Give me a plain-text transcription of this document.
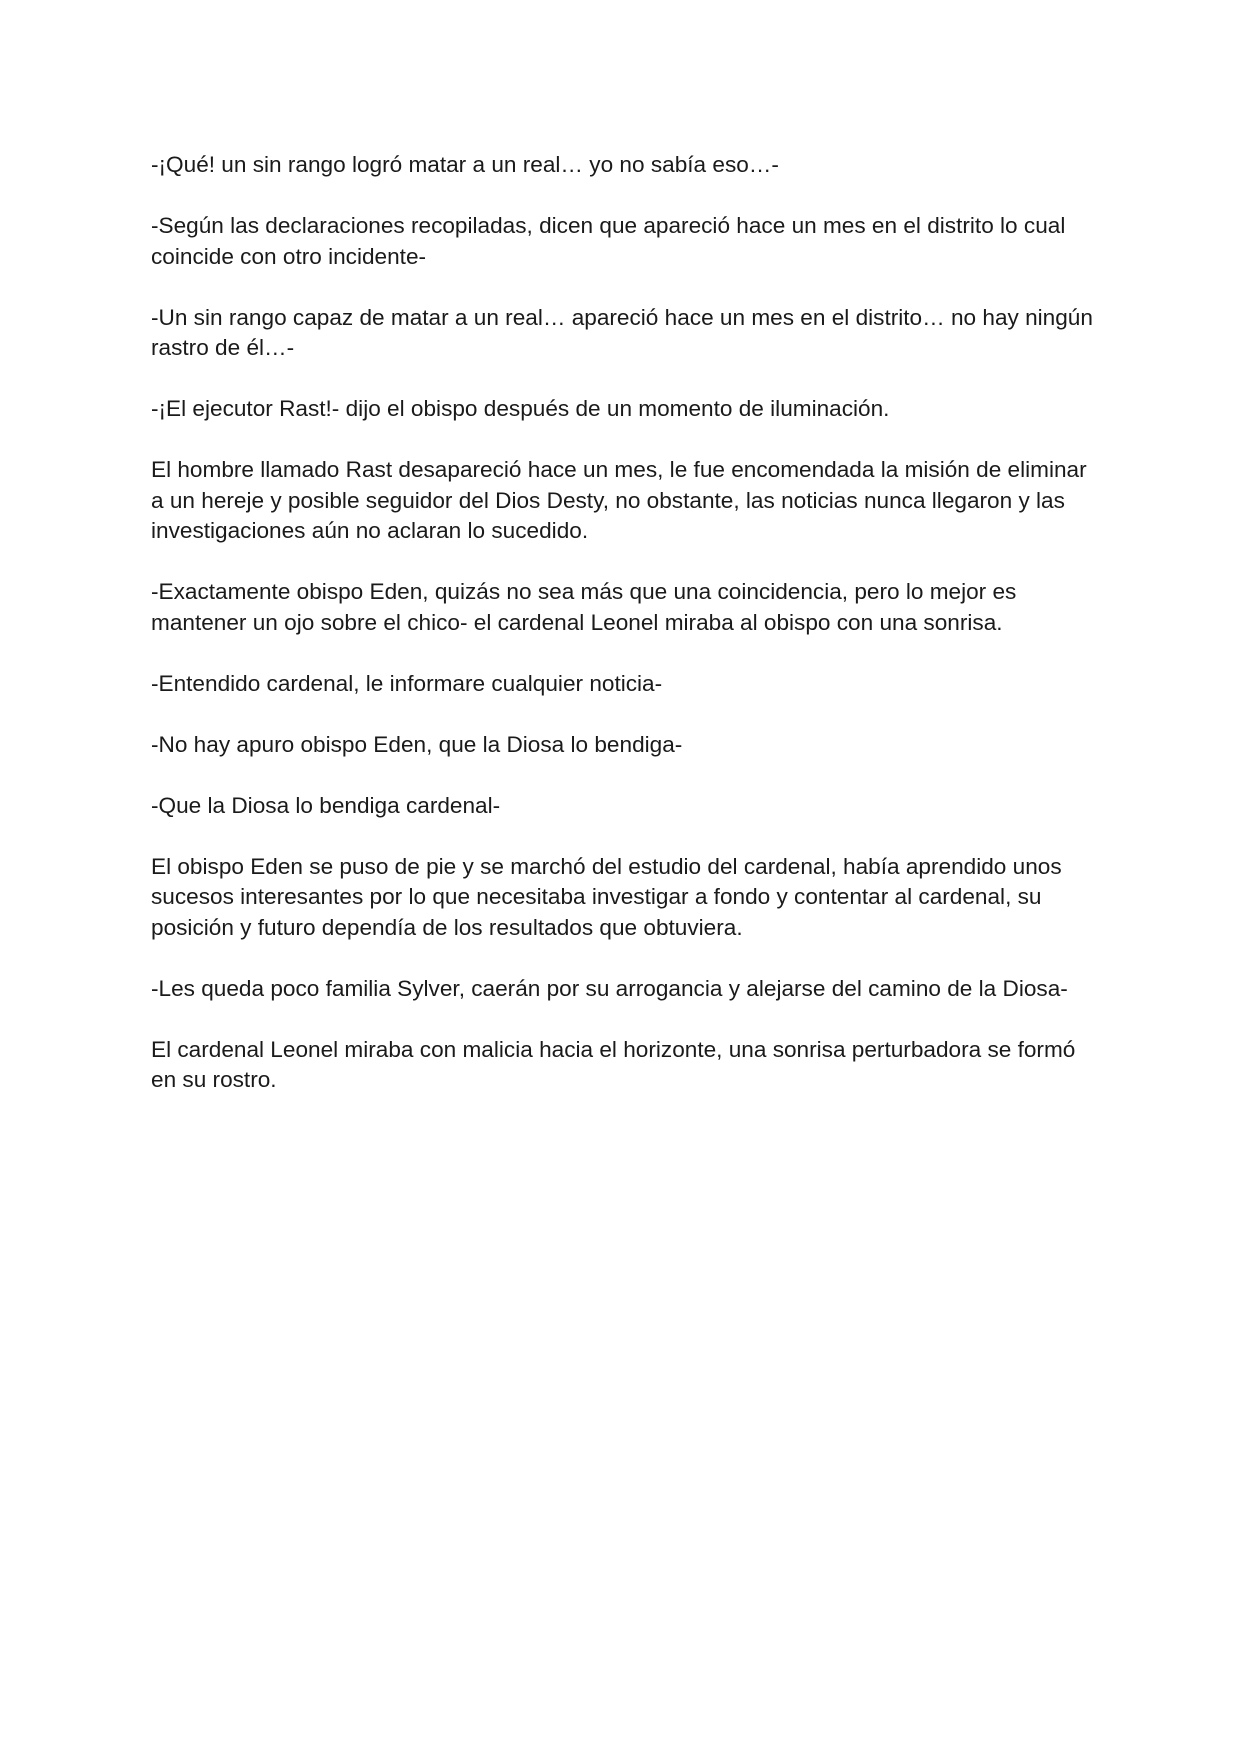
-¡Qué! un sin rango logró matar a un real… yo no sabía eso…-

-Según las declaraciones recopiladas, dicen que apareció hace un mes en el distrito lo cual coincide con otro incidente-

-Un sin rango capaz de matar a un real… apareció hace un mes en el distrito… no hay ningún rastro de él…-

-¡El ejecutor Rast!- dijo el obispo después de un momento de iluminación.

El hombre llamado Rast desapareció hace un mes, le fue encomendada la misión de eliminar a un hereje y posible seguidor del Dios Desty, no obstante, las noticias nunca llegaron y las investigaciones aún no aclaran lo sucedido.

-Exactamente obispo Eden, quizás no sea más que una coincidencia, pero lo mejor es mantener un ojo sobre el chico- el cardenal Leonel miraba al obispo con una sonrisa.

-Entendido cardenal, le informare cualquier noticia-

-No hay apuro obispo Eden, que la Diosa lo bendiga-

-Que la Diosa lo bendiga cardenal-

El obispo Eden se puso de pie y se marchó del estudio del cardenal, había aprendido unos sucesos interesantes por lo que necesitaba investigar a fondo y contentar al cardenal, su posición y futuro dependía de los resultados que obtuviera.

-Les queda poco familia Sylver, caerán por su arrogancia y alejarse del camino de la Diosa-

El cardenal Leonel miraba con malicia hacia el horizonte, una sonrisa perturbadora se formó en su rostro.
